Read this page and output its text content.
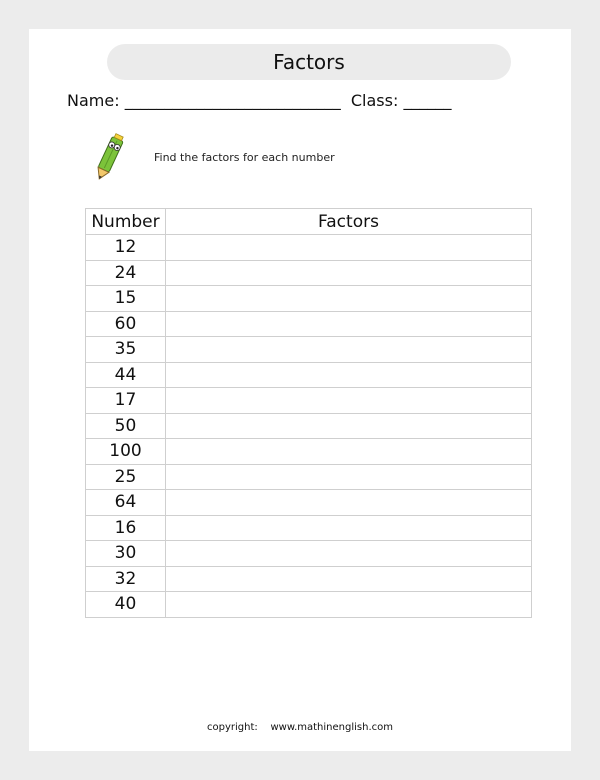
Factors
Name: ___________________________ Class: ______
Find the factors for each number
Number	Factors
12	
24	
15	
60	
35	
44	
17	
50	
100	
25	
64	
16	
30	
32	
40	
copyright: www.mathinenglish.com
